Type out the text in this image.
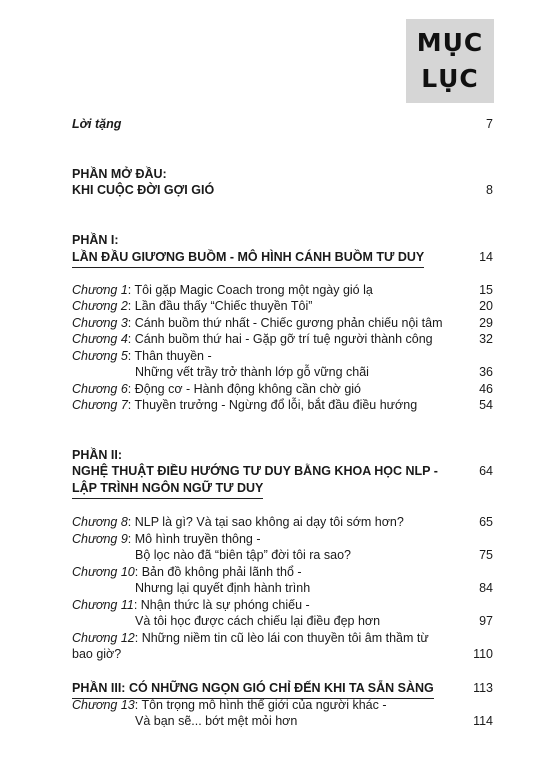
MỤC
LỤC
Lời tặng	7
PHẦN MỞ ĐẦU:
KHI CUỘC ĐỜI GỢI GIÓ	8
PHẦN I:
LẦN ĐẦU GIƯƠNG BUỒM - MÔ HÌNH CÁNH BUỒM TƯ DUY	14
Chương 1: Tôi gặp Magic Coach trong một ngày gió lạ	15
Chương 2: Lần đầu thấy “Chiếc thuyền Tôi”	20
Chương 3: Cánh buồm thứ nhất - Chiếc gương phản chiếu nội tâm	29
Chương 4: Cánh buồm thứ hai - Gặp gỡ trí tuệ người thành công	32
Chương 5: Thân thuyền -
Những vết trầy trở thành lớp gỗ vững chãi	36
Chương 6: Động cơ - Hành động không cần chờ gió	46
Chương 7: Thuyền trưởng - Ngừng đổ lỗi, bắt đầu điều hướng	54
PHẦN II:
NGHỆ THUẬT ĐIỀU HƯỚNG TƯ DUY BẰNG KHOA HỌC NLP -	64
LẬP TRÌNH NGÔN NGỮ TƯ DUY
Chương 8: NLP là gì? Và tại sao không ai dạy tôi sớm hơn?	65
Chương 9: Mô hình truyền thông -
Bộ lọc nào đã “biên tập” đời tôi ra sao?	75
Chương 10: Bản đồ không phải lãnh thổ -
Nhưng lại quyết định hành trình	84
Chương 11: Nhận thức là sự phóng chiếu -
Và tôi học được cách chiếu lại điều đẹp hơn	97
Chương 12: Những niềm tin cũ lèo lái con thuyền tôi âm thầm từ
bao giờ?	110
PHẦN III: CÓ NHỮNG NGỌN GIÓ CHỈ ĐẾN KHI TA SẴN SÀNG	113
Chương 13: Tôn trọng mô hình thế giới của người khác -
Và bạn sẽ... bớt mệt mỏi hơn	114
